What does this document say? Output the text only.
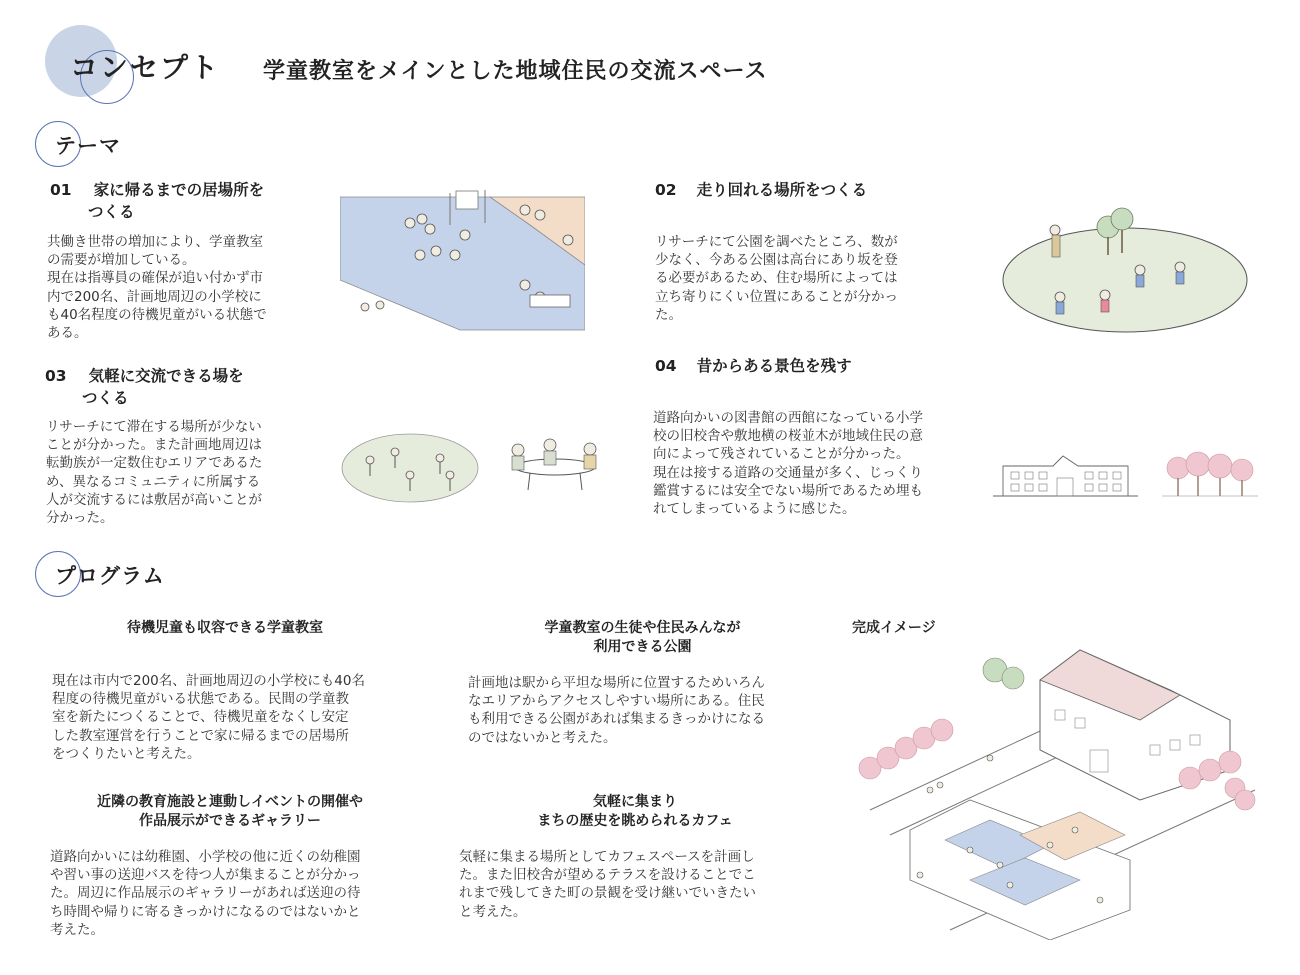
コンセプト 学童教室をメインとした地域住民の交流スペース
テーマ
01 家に帰るまでの居場所を
つくる
共働き世帯の増加により、学童教室
の需要が増加している。
現在は指導員の確保が追い付かず市
内で200名、計画地周辺の小学校に
も40名程度の待機児童がいる状態で
ある。
02 走り回れる場所をつくる
リサーチにて公園を調べたところ、数が
少なく、今ある公園は高台にあり坂を登
る必要があるため、住む場所によっては
立ち寄りにくい位置にあることが分かっ
た。
03 気軽に交流できる場を
つくる
リサーチにて滞在する場所が少ない
ことが分かった。また計画地周辺は
転勤族が一定数住むエリアであるた
め、異なるコミュニティに所属する
人が交流するには敷居が高いことが
分かった。
04 昔からある景色を残す
道路向かいの図書館の西館になっている小学
校の旧校舎や敷地横の桜並木が地域住民の意
向によって残されていることが分かった。
現在は接する道路の交通量が多く、じっくり
鑑賞するには安全でない場所であるため埋も
れてしまっているように感じた。
プログラム
待機児童も収容できる学童教室
現在は市内で200名、計画地周辺の小学校にも40名
程度の待機児童がいる状態である。民間の学童教
室を新たにつくることで、待機児童をなくし安定
した教室運営を行うことで家に帰るまでの居場所
をつくりたいと考えた。
学童教室の生徒や住民みんなが
利用できる公園
計画地は駅から平坦な場所に位置するためいろん
なエリアからアクセスしやすい場所にある。住民
も利用できる公園があれば集まるきっかけになる
のではないかと考えた。
近隣の教育施設と連動しイベントの開催や
作品展示ができるギャラリー
道路向かいには幼稚園、小学校の他に近くの幼稚園
や習い事の送迎バスを待つ人が集まることが分かっ
た。周辺に作品展示のギャラリーがあれば送迎の待
ち時間や帰りに寄るきっかけになるのではないかと
考えた。
気軽に集まり
まちの歴史を眺められるカフェ
気軽に集まる場所としてカフェスペースを計画し
た。また旧校舎が望めるテラスを設けることでこ
れまで残してきた町の景観を受け継いでいきたい
と考えた。
完成イメージ
